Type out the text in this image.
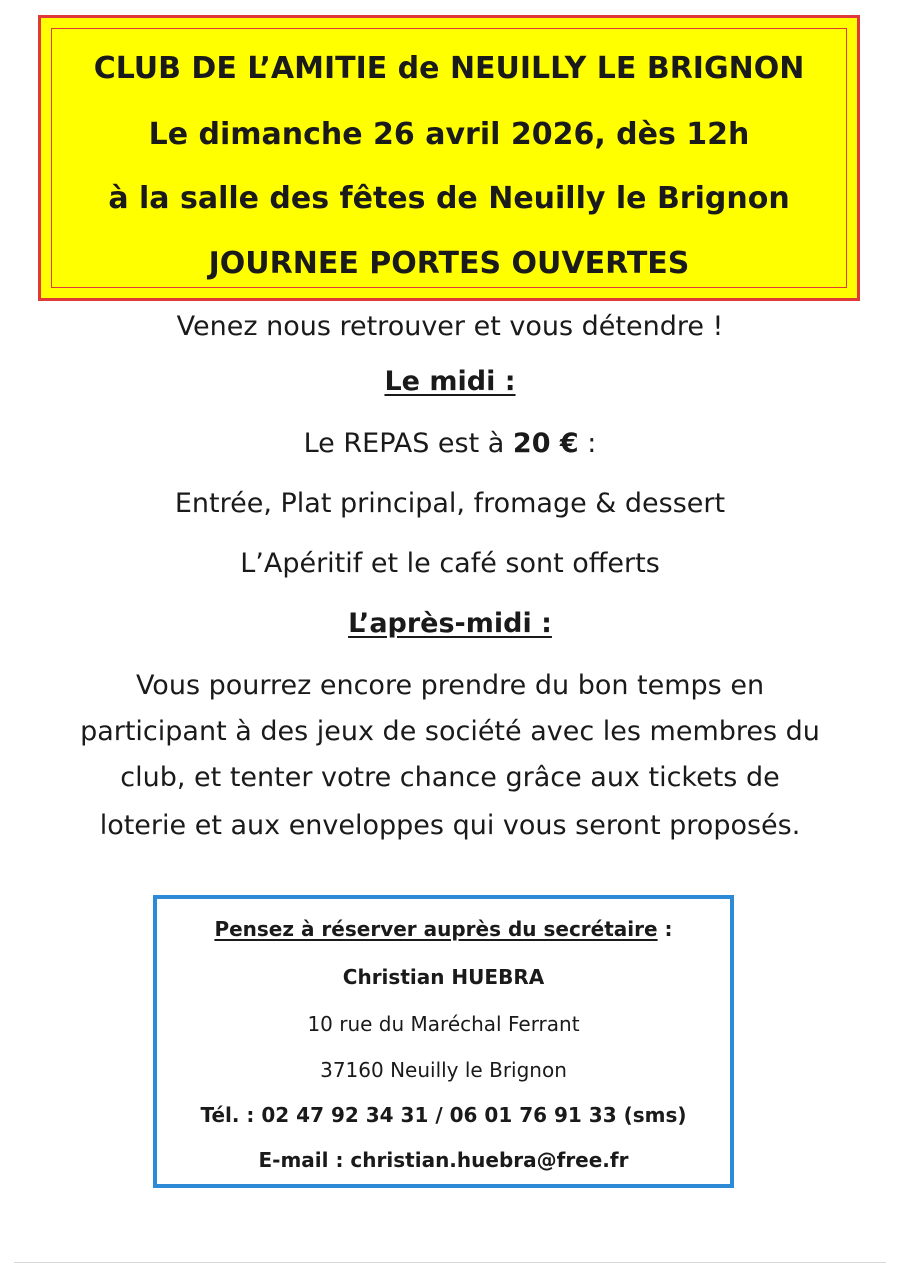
CLUB DE L’AMITIE de NEUILLY LE BRIGNON
Le dimanche 26 avril 2026, dès 12h
à la salle des fêtes de Neuilly le Brignon
JOURNEE PORTES OUVERTES
Venez nous retrouver et vous détendre !
Le midi :
Le REPAS est à 20 € :
Entrée, Plat principal, fromage & dessert
L’Apéritif et le café sont offerts
L’après-midi :
Vous pourrez encore prendre du bon temps en
participant à des jeux de société avec les membres du
club, et tenter votre chance grâce aux tickets de
loterie et aux enveloppes qui vous seront proposés.
Pensez à réserver auprès du secrétaire :
Christian HUEBRA
10 rue du Maréchal Ferrant
37160 Neuilly le Brignon
Tél. : 02 47 92 34 31 / 06 01 76 91 33 (sms)
E-mail : christian.huebra@free.fr
